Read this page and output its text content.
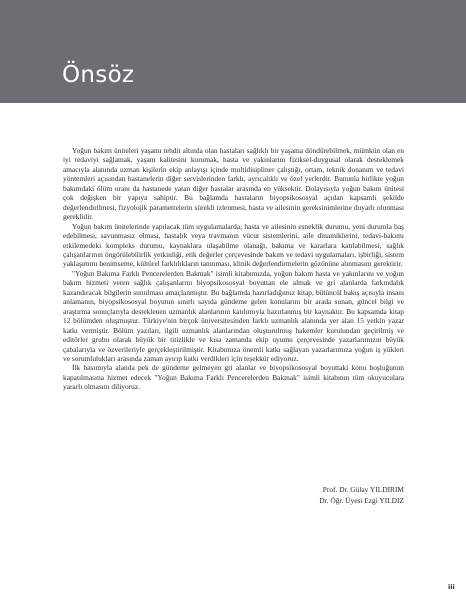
Önsöz

Yoğun bakım üniteleri yaşamı tehdit altında olan hastaları sağlıklı bir yaşama döndürebilmek, mümkün olan en iyi tedaviyi sağlamak, yaşam kalitesini korumak, hasta ve yakınlarını fiziksel-duygusal olarak desteklemek amacıyla alanında uzman kişilerin ekip anlayışı içinde multidisipliner çalıştığı, ortam, teknik donanım ve tedavi yöntemleri açısından hastanelerin diğer servislerinden farklı, ayrıcalıklı ve özel yerlerdir. Bununla birlikte yoğun bakımdaki ölüm oranı da hastanede yatan diğer hastalar arasında en yüksektir. Dolayısıyla yoğun bakım ünitesi çok değişken bir yapıya sahiptir. Bu bağlamda hastaların biyopsikososyal açıdan kapsamlı şekilde değerlendirilmesi, fizyolojik parametrelerin sürekli izlenmesi, hasta ve ailesinin gereksinimlerine duyarlı olunması gereklidir.

Yoğun bakım ünitelerinde yapılacak tüm uygulamalarda; hasta ve ailesinin esneklik durumu, yeni durumla baş edebilmesi, savunmasız olması, hastalık veya travmanın vücut sistemlerini, aile dinamiklerini, tedavi-bakımı etkilemedeki kompleks durumu, kaynaklara ulaşabilme olanağı, bakıma ve kararlara katılabilmesi, sağlık çalışanlarının öngörülebilirlik yetkinliği, etik değerler çerçevesinde bakım ve tedavi uygulamaları, işbirliği, sistem yaklaşımını benimseme, kültürel farklılıkların tanınması, klinik değerlendirmelerin gözönüne alınmasını gerektirir.

"Yoğun Bakıma Farklı Pencerelerden Bakmak" isimli kitabımızda, yoğun bakım hasta ve yakınlarını ve yoğun bakım hizmeti veren sağlık çalışanlarını biyopsikososyal boyuttan ele almak ve gri alanlarda farkındalık kazandıracak bilgilerin sunulması amaçlanmıştır. Bu bağlamda hazırladığımız kitap, bütüncül bakış açısıyla insanı anlamanın, biyopsikososyal boyutun sınırlı sayıda gündeme gelen konularını bir arada sunan, güncel bilgi ve araştırma sonuçlarıyla desteklenen uzmanlık alanlarının katılımıyla hazırlanmış bir kaynaktır. Bu kapsamda kitap 12 bölümden oluşmuştur. Türkiye'nin birçok üniversitesinden farklı uzmanlık alanında yer alan 15 yetkin yazar katkı vermiştir. Bölüm yazıları, ilgili uzmanlık alanlarından oluşturulmuş hakemler kurulundan geçirilmiş ve editörler grubu olarak büyük bir titizlikle ve kısa zamanda ekip uyumu çerçevesinde yazarlarımızın büyük çabalarıyla ve özverileriyle gerçekleştirilmiştir. Kitabımıza önemli katkı sağlayan yazarlarımıza yoğun iş yükleri ve sorumlulukları arasında zaman ayırıp katkı verdikleri için teşekkür ediyoruz.

İlk basımıyla alanda pek de gündeme gelmeyen gri alanlar ve biyopsikososyal boyuttaki konu boşluğunun kapatılmasına hizmet edecek "Yoğun Bakıma Farklı Pencerelerden Bakmak" isimli kitabının tüm okuyuculara yararlı olmasını diliyoruz.

Prof. Dr. Gülay YILDIRIM
Dr. Öğr. Üyesi Ezgi YILDIZ
iii
